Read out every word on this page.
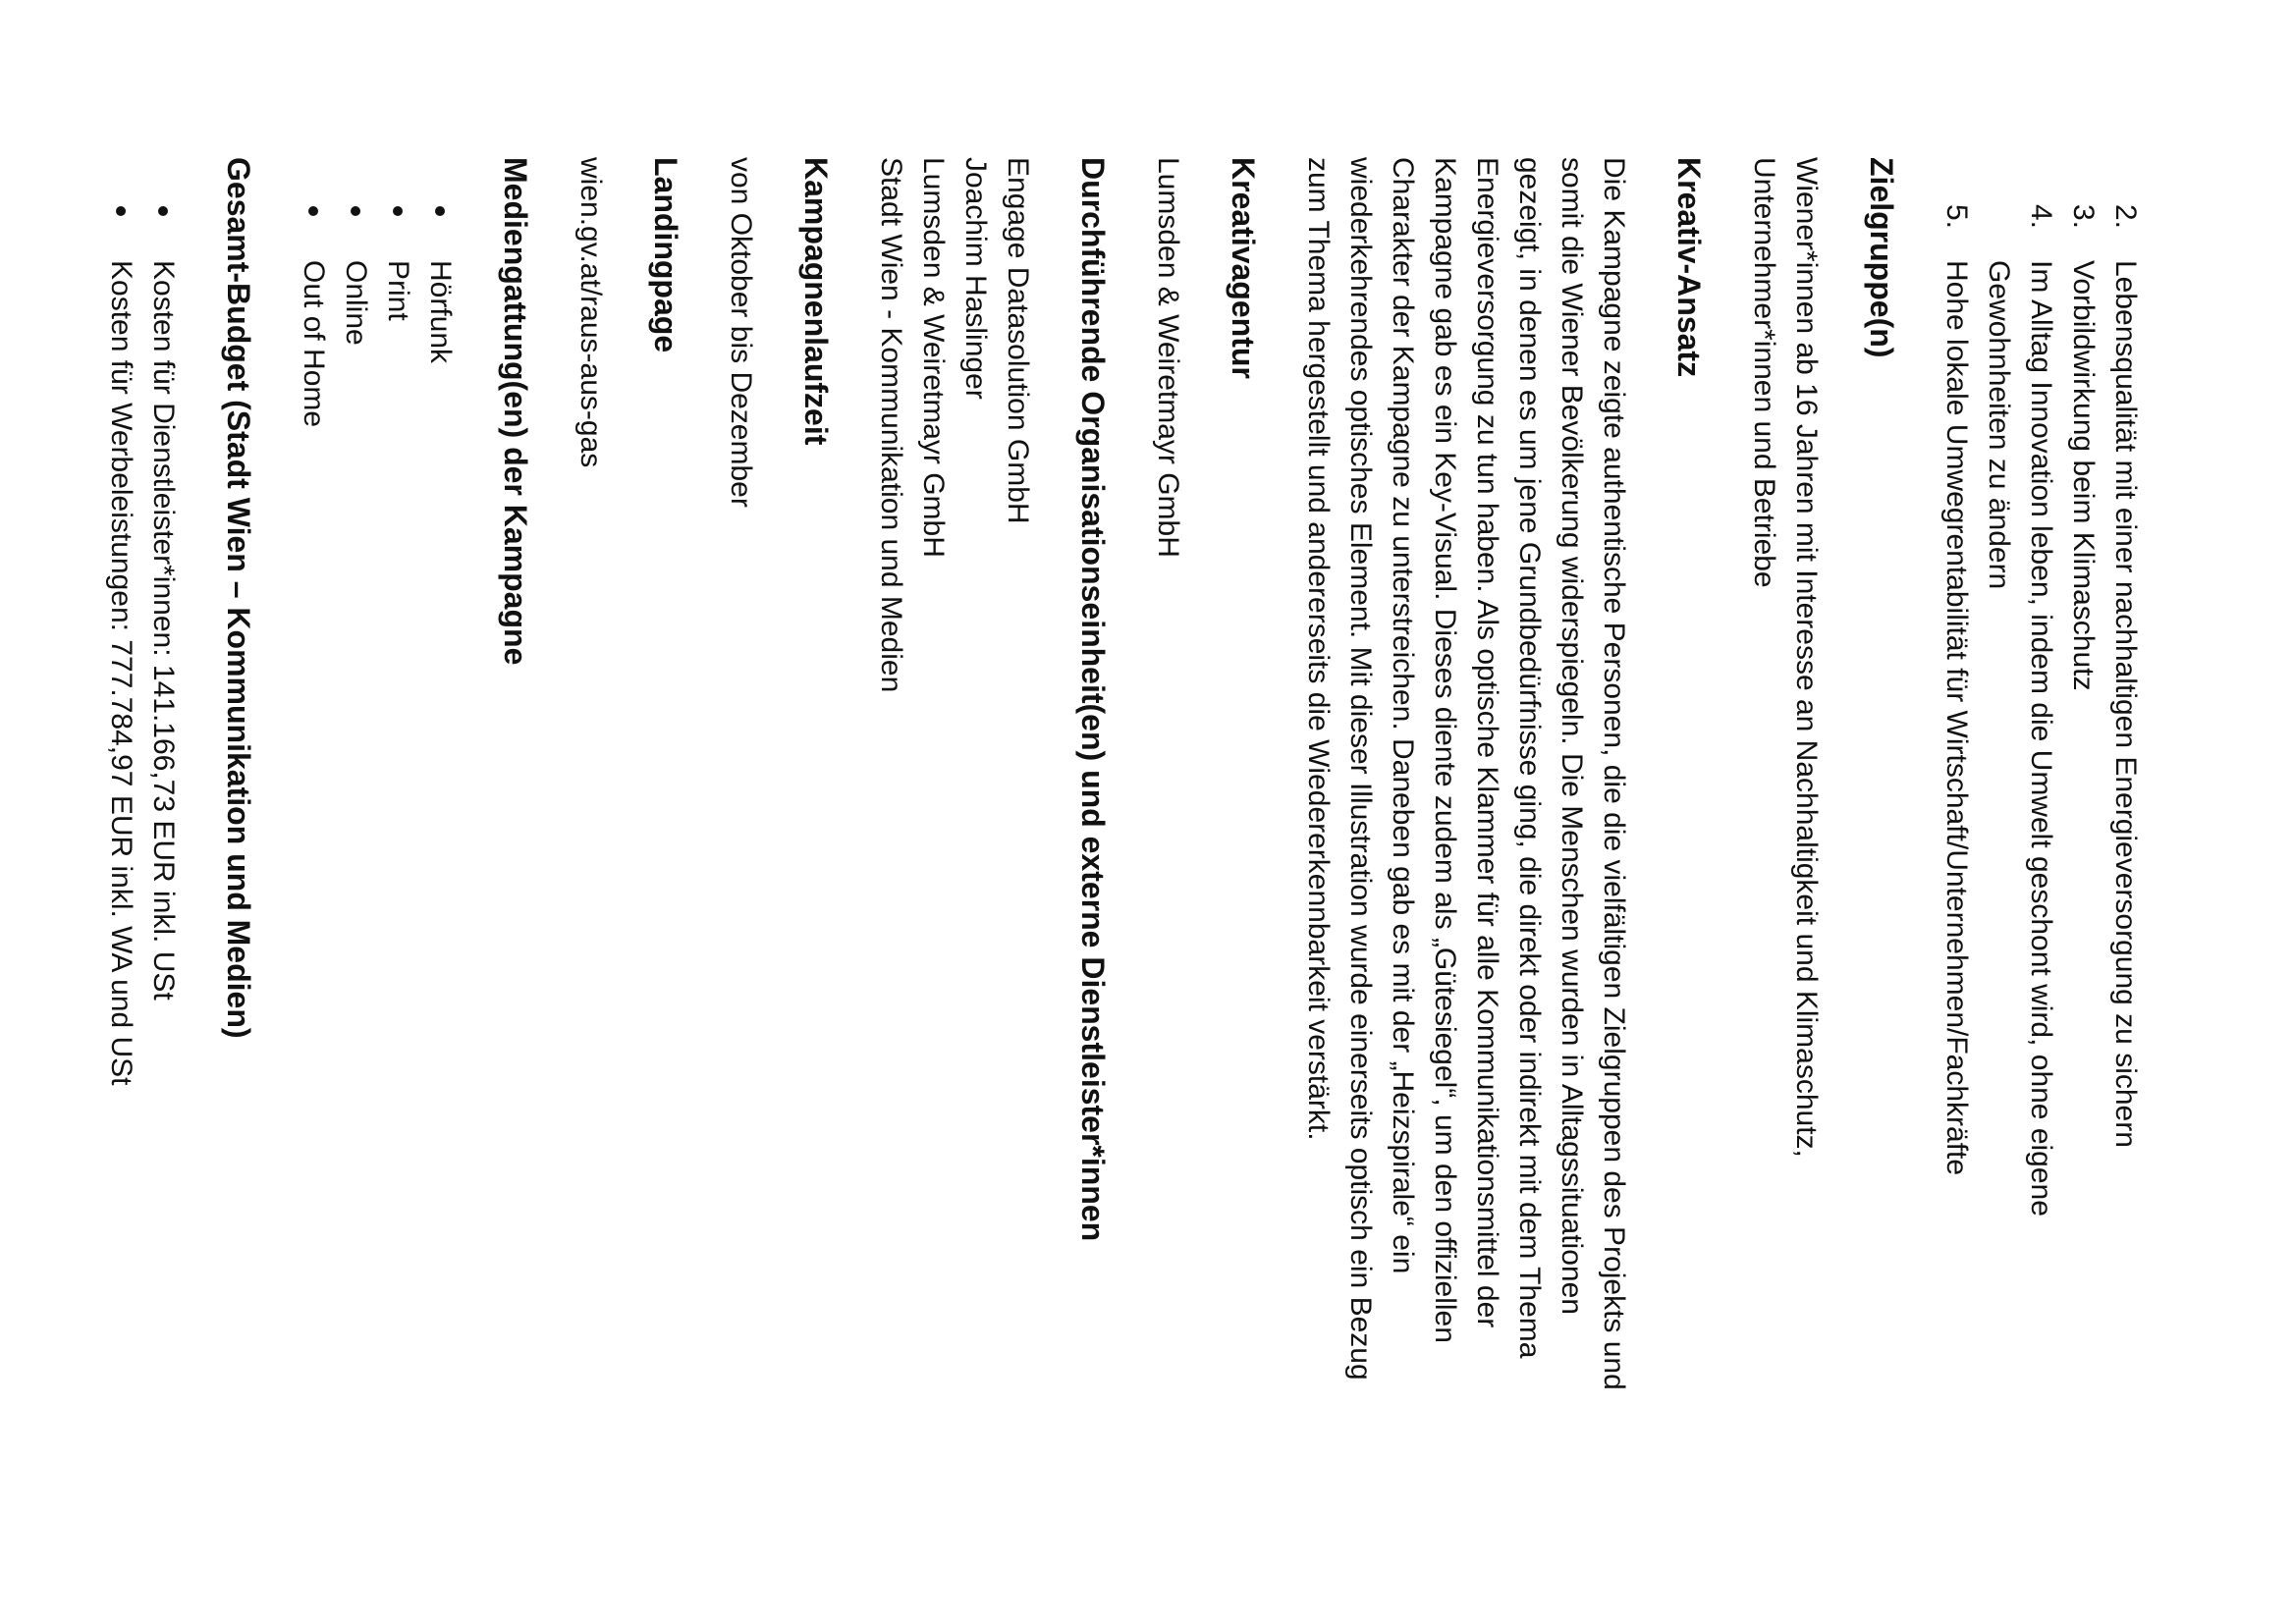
2.
Lebensqualität mit einer nachhaltigen Energieversorgung zu sichern
3.
Vorbildwirkung beim Klimaschutz
4.
Im Alltag Innovation leben, indem die Umwelt geschont wird, ohne eigene
Gewohnheiten zu ändern
5.
Hohe lokale Umwegrentabilität für Wirtschaft/Unternehmen/Fachkräfte
Zielgruppe(n)
Wiener*innen ab 16 Jahren mit Interesse an Nachhaltigkeit und Klimaschutz,
Unternehmer*innen und Betriebe
Kreativ-Ansatz
Die Kampagne zeigte authentische Personen, die die vielfältigen Zielgruppen des Projekts und
somit die Wiener Bevölkerung widerspiegeln. Die Menschen wurden in Alltagssituationen
gezeigt, in denen es um jene Grundbedürfnisse ging, die direkt oder indirekt mit dem Thema
Energieversorgung zu tun haben. Als optische Klammer für alle Kommunikationsmittel der
Kampagne gab es ein Key-Visual. Dieses diente zudem als „Gütesiegel“, um den offiziellen
Charakter der Kampagne zu unterstreichen. Daneben gab es mit der „Heizspirale“ ein
wiederkehrendes optisches Element. Mit dieser Illustration wurde einerseits optisch ein Bezug
zum Thema hergestellt und andererseits die Wiedererkennbarkeit verstärkt.
Kreativagentur
Lumsden & Weiretmayr GmbH
Durchführende Organisationseinheit(en) und externe Dienstleister*innen
Engage Datasolution GmbH
Joachim Haslinger
Lumsden & Weiretmayr GmbH
Stadt Wien - Kommunikation und Medien
Kampagnenlaufzeit
von Oktober bis Dezember
Landingpage
wien.gv.at/raus-aus-gas
Mediengattung(en) der Kampagne
Hörfunk
Print
Online
Out of Home
Gesamt-Budget (Stadt Wien – Kommunikation und Medien)
Kosten für Dienstleister*innen: 141.166,73 EUR inkl. USt
Kosten für Werbeleistungen: 777.784,97 EUR inkl. WA und USt
